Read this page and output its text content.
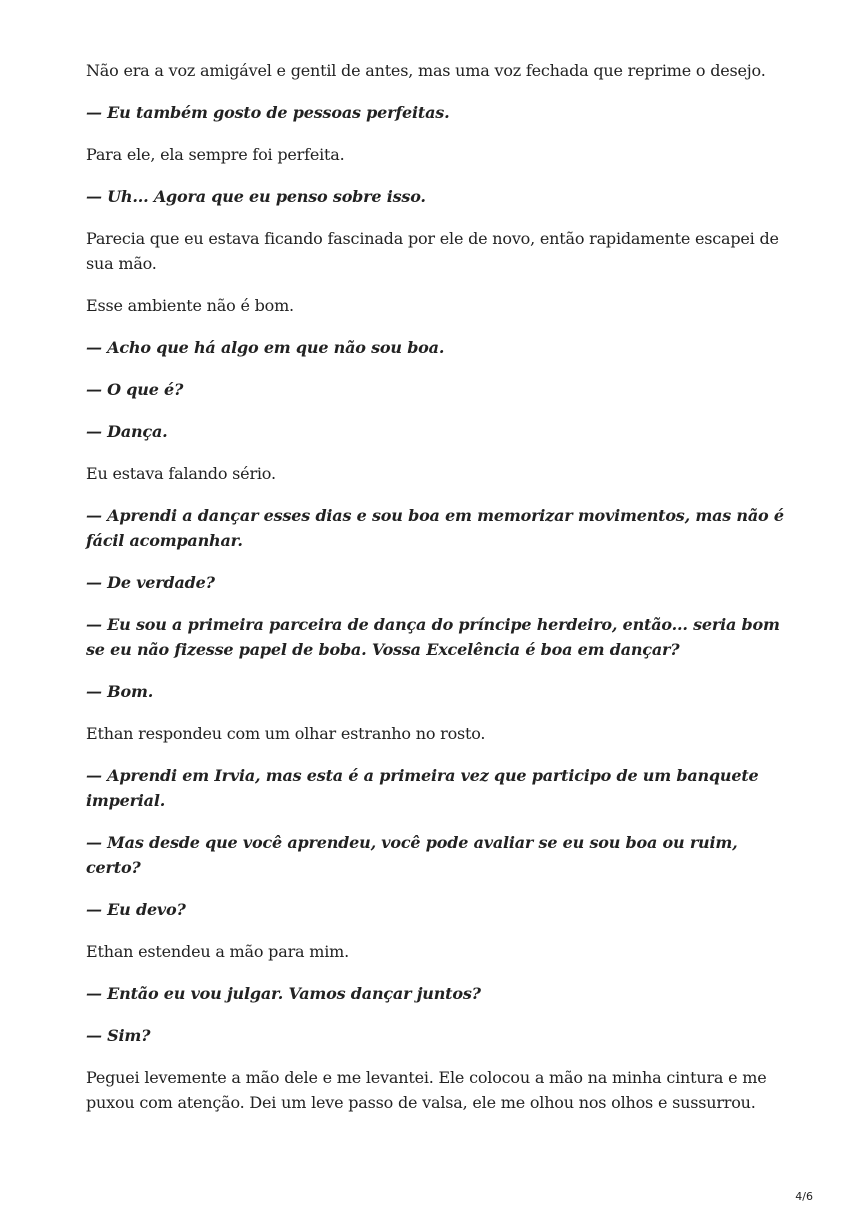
Não era a voz amigável e gentil de antes, mas uma voz fechada que reprime o desejo.

— Eu também gosto de pessoas perfeitas.

Para ele, ela sempre foi perfeita.

— Uh... Agora que eu penso sobre isso.

Parecia que eu estava ficando fascinada por ele de novo, então rapidamente escapei de sua mão.

Esse ambiente não é bom.

— Acho que há algo em que não sou boa.

— O que é?

— Dança.

Eu estava falando sério.

— Aprendi a dançar esses dias e sou boa em memorizar movimentos, mas não é fácil acompanhar.

— De verdade?

— Eu sou a primeira parceira de dança do príncipe herdeiro, então... seria bom se eu não fizesse papel de boba. Vossa Excelência é boa em dançar?

— Bom.

Ethan respondeu com um olhar estranho no rosto.

— Aprendi em Irvia, mas esta é a primeira vez que participo de um banquete imperial.

— Mas desde que você aprendeu, você pode avaliar se eu sou boa ou ruim, certo?

— Eu devo?

Ethan estendeu a mão para mim.

— Então eu vou julgar. Vamos dançar juntos?

— Sim?

Peguei levemente a mão dele e me levantei. Ele colocou a mão na minha cintura e me puxou com atenção. Dei um leve passo de valsa, ele me olhou nos olhos e sussurrou.

4/6
